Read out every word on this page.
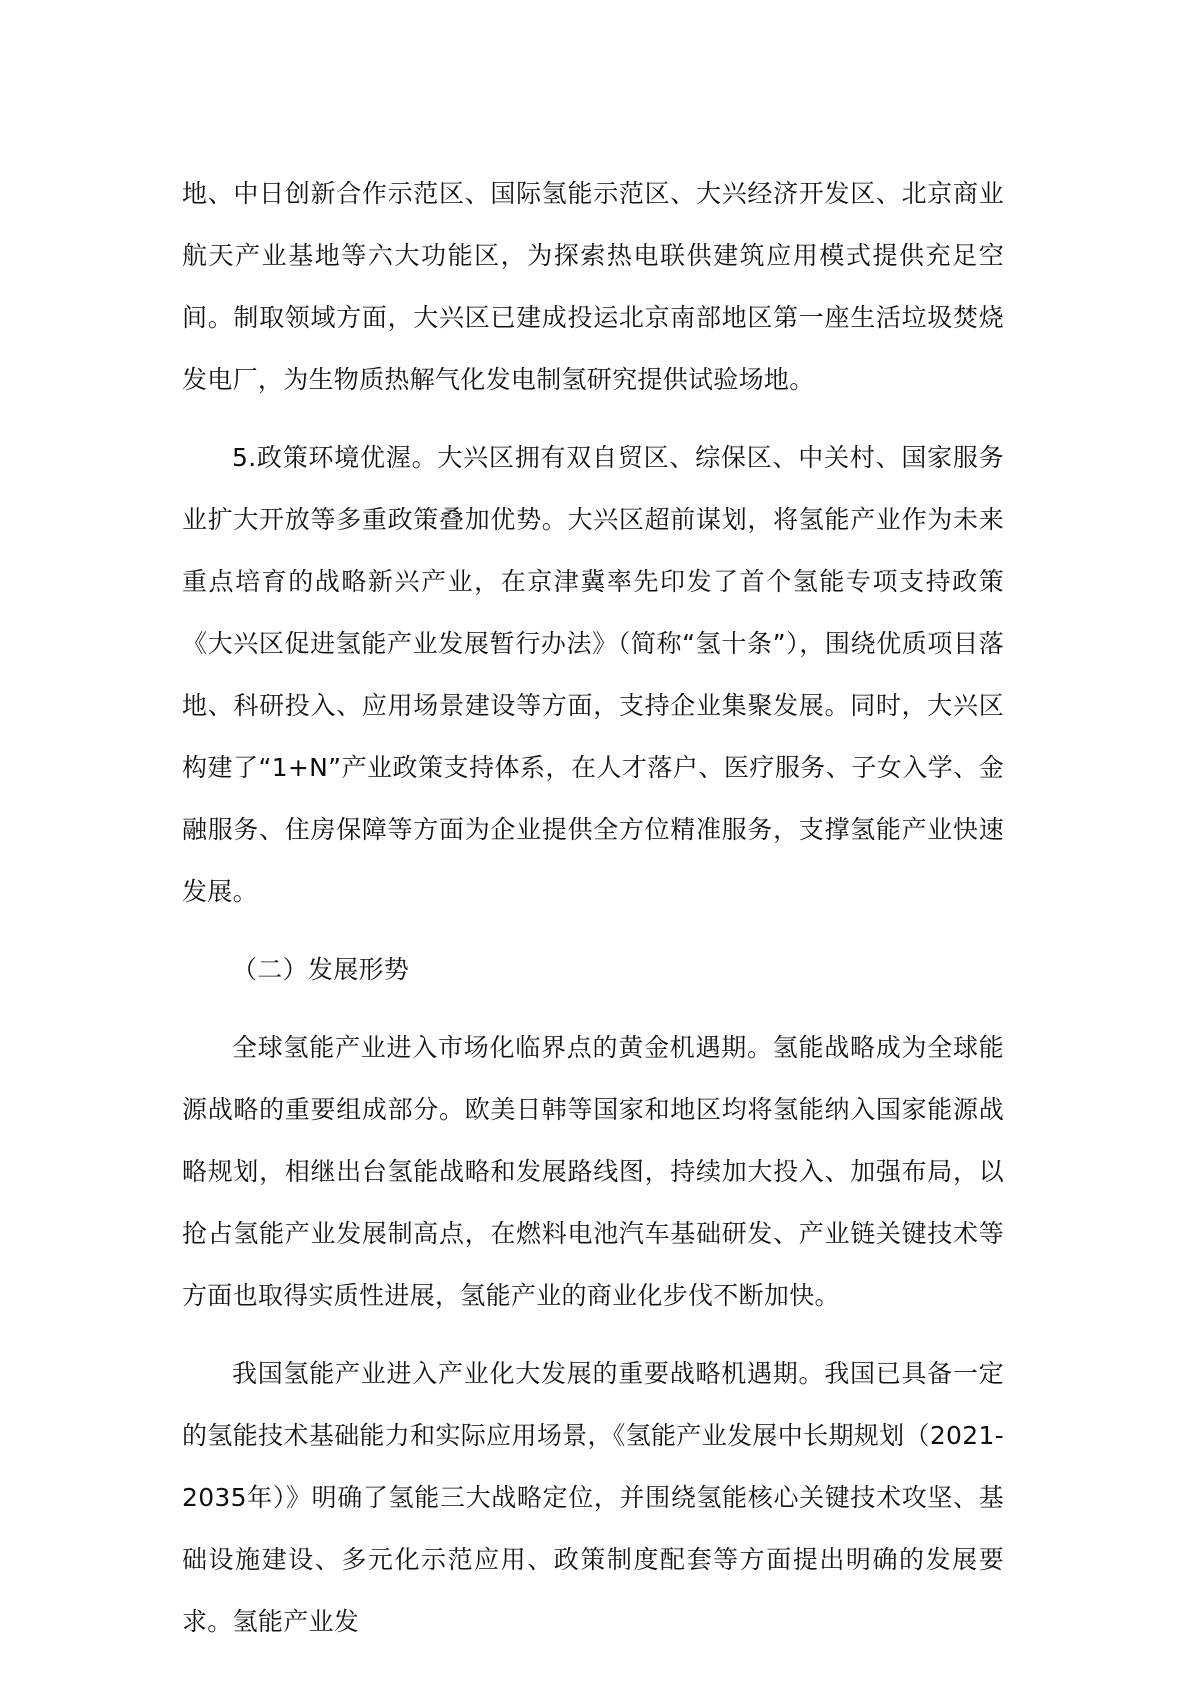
地、中日创新合作示范区、国际氢能示范区、大兴经济开发区、北京商业航天产业基地等六大功能区，为探索热电联供建筑应用模式提供充足空间。制取领域方面，大兴区已建成投运北京南部地区第一座生活垃圾焚烧发电厂，为生物质热解气化发电制氢研究提供试验场地。

5.政策环境优渥。大兴区拥有双自贸区、综保区、中关村、国家服务业扩大开放等多重政策叠加优势。大兴区超前谋划，将氢能产业作为未来重点培育的战略新兴产业，在京津冀率先印发了首个氢能专项支持政策《大兴区促进氢能产业发展暂行办法》（简称“氢十条”），围绕优质项目落地、科研投入、应用场景建设等方面，支持企业集聚发展。同时，大兴区构建了“1+N”产业政策支持体系，在人才落户、医疗服务、子女入学、金融服务、住房保障等方面为企业提供全方位精准服务，支撑氢能产业快速发展。

（二）发展形势

全球氢能产业进入市场化临界点的黄金机遇期。氢能战略成为全球能源战略的重要组成部分。欧美日韩等国家和地区均将氢能纳入国家能源战略规划，相继出台氢能战略和发展路线图，持续加大投入、加强布局，以抢占氢能产业发展制高点，在燃料电池汽车基础研发、产业链关键技术等方面也取得实质性进展，氢能产业的商业化步伐不断加快。

我国氢能产业进入产业化大发展的重要战略机遇期。我国已具备一定的氢能技术基础能力和实际应用场景，《氢能产业发展中长期规划（2021-2035年）》明确了氢能三大战略定位，并围绕氢能核心关键技术攻坚、基础设施建设、多元化示范应用、政策制度配套等方面提出明确的发展要求。氢能产业发
